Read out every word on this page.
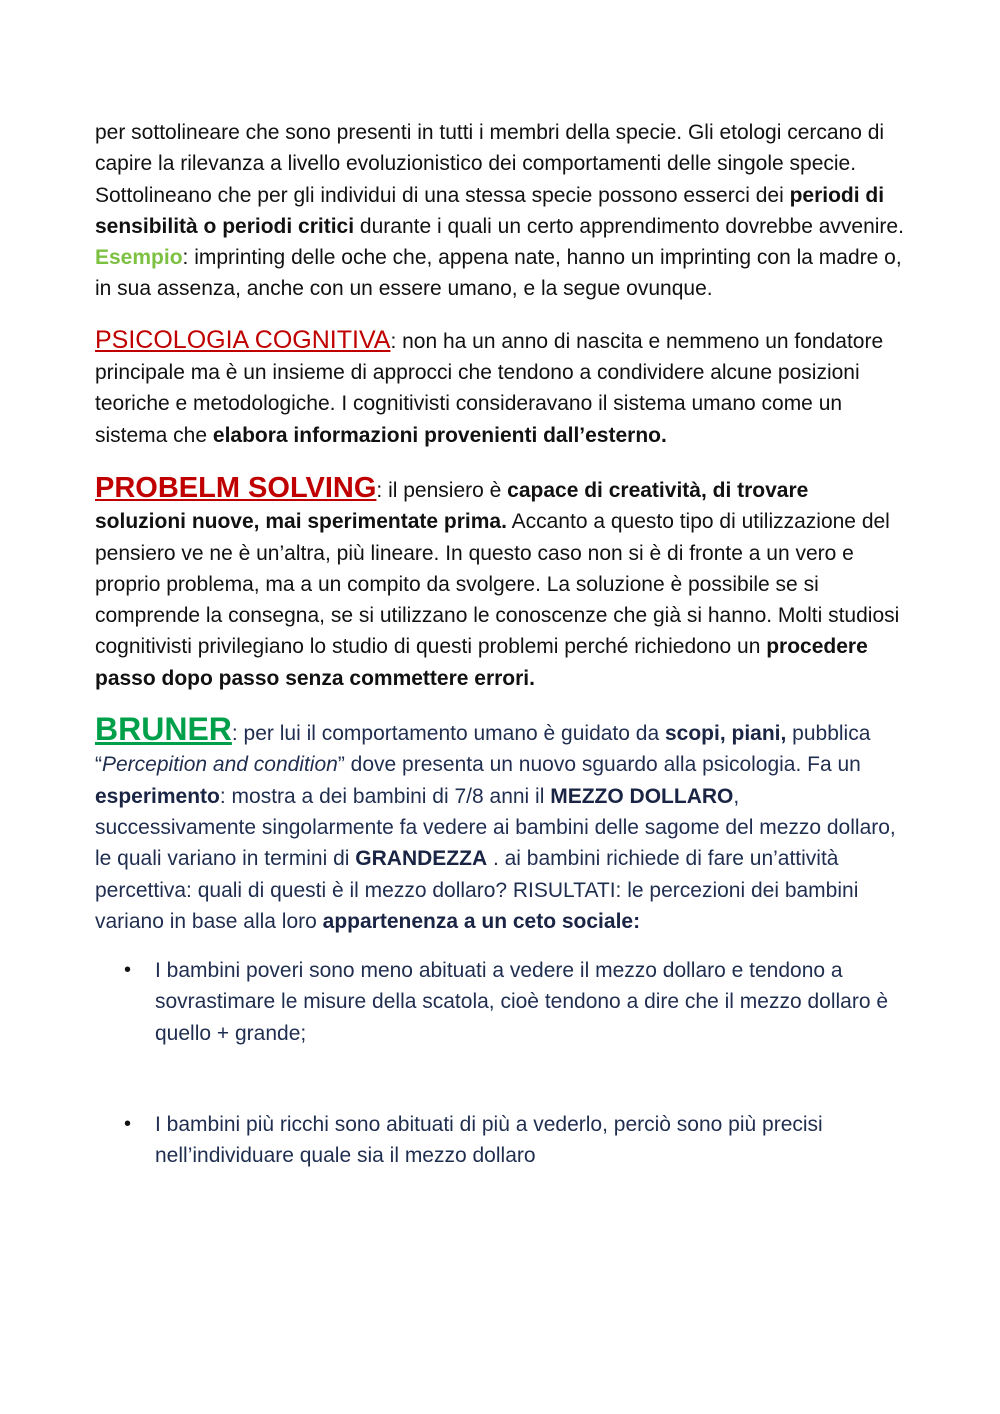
per sottolineare che sono presenti in tutti i membri della specie. Gli etologi cercano di capire la rilevanza a livello evoluzionistico dei comportamenti delle singole specie. Sottolineano che per gli individui di una stessa specie possono esserci dei periodi di sensibilità o periodi critici durante i quali un certo apprendimento dovrebbe avvenire. Esempio: imprinting delle oche che, appena nate, hanno un imprinting con la madre o, in sua assenza, anche con un essere umano, e la segue ovunque.

PSICOLOGIA COGNITIVA: non ha un anno di nascita e nemmeno un fondatore principale ma è un insieme di approcci che tendono a condividere alcune posizioni teoriche e metodologiche. I cognitivisti consideravano il sistema umano come un sistema che elabora informazioni provenienti dall’esterno.

PROBELM SOLVING: il pensiero è capace di creatività, di trovare soluzioni nuove, mai sperimentate prima. Accanto a questo tipo di utilizzazione del pensiero ve ne è un’altra, più lineare. In questo caso non si è di fronte a un vero e proprio problema, ma a un compito da svolgere. La soluzione è possibile se si comprende la consegna, se si utilizzano le conoscenze che già si hanno. Molti studiosi cognitivisti privilegiano lo studio di questi problemi perché richiedono un procedere passo dopo passo senza commettere errori.

BRUNER: per lui il comportamento umano è guidato da scopi, piani, pubblica “Percepition and condition” dove presenta un nuovo sguardo alla psicologia. Fa un esperimento: mostra a dei bambini di 7/8 anni il MEZZO DOLLARO, successivamente singolarmente fa vedere ai bambini delle sagome del mezzo dollaro, le quali variano in termini di GRANDEZZA . ai bambini richiede di fare un’attività percettiva: quali di questi è il mezzo dollaro? RISULTATI: le percezioni dei bambini variano in base alla loro appartenenza a un ceto sociale:

• I bambini poveri sono meno abituati a vedere il mezzo dollaro e tendono a sovrastimare le misure della scatola, cioè tendono a dire che il mezzo dollaro è quello + grande;
• I bambini più ricchi sono abituati di più a vederlo, perciò sono più precisi nell’individuare quale sia il mezzo dollaro
